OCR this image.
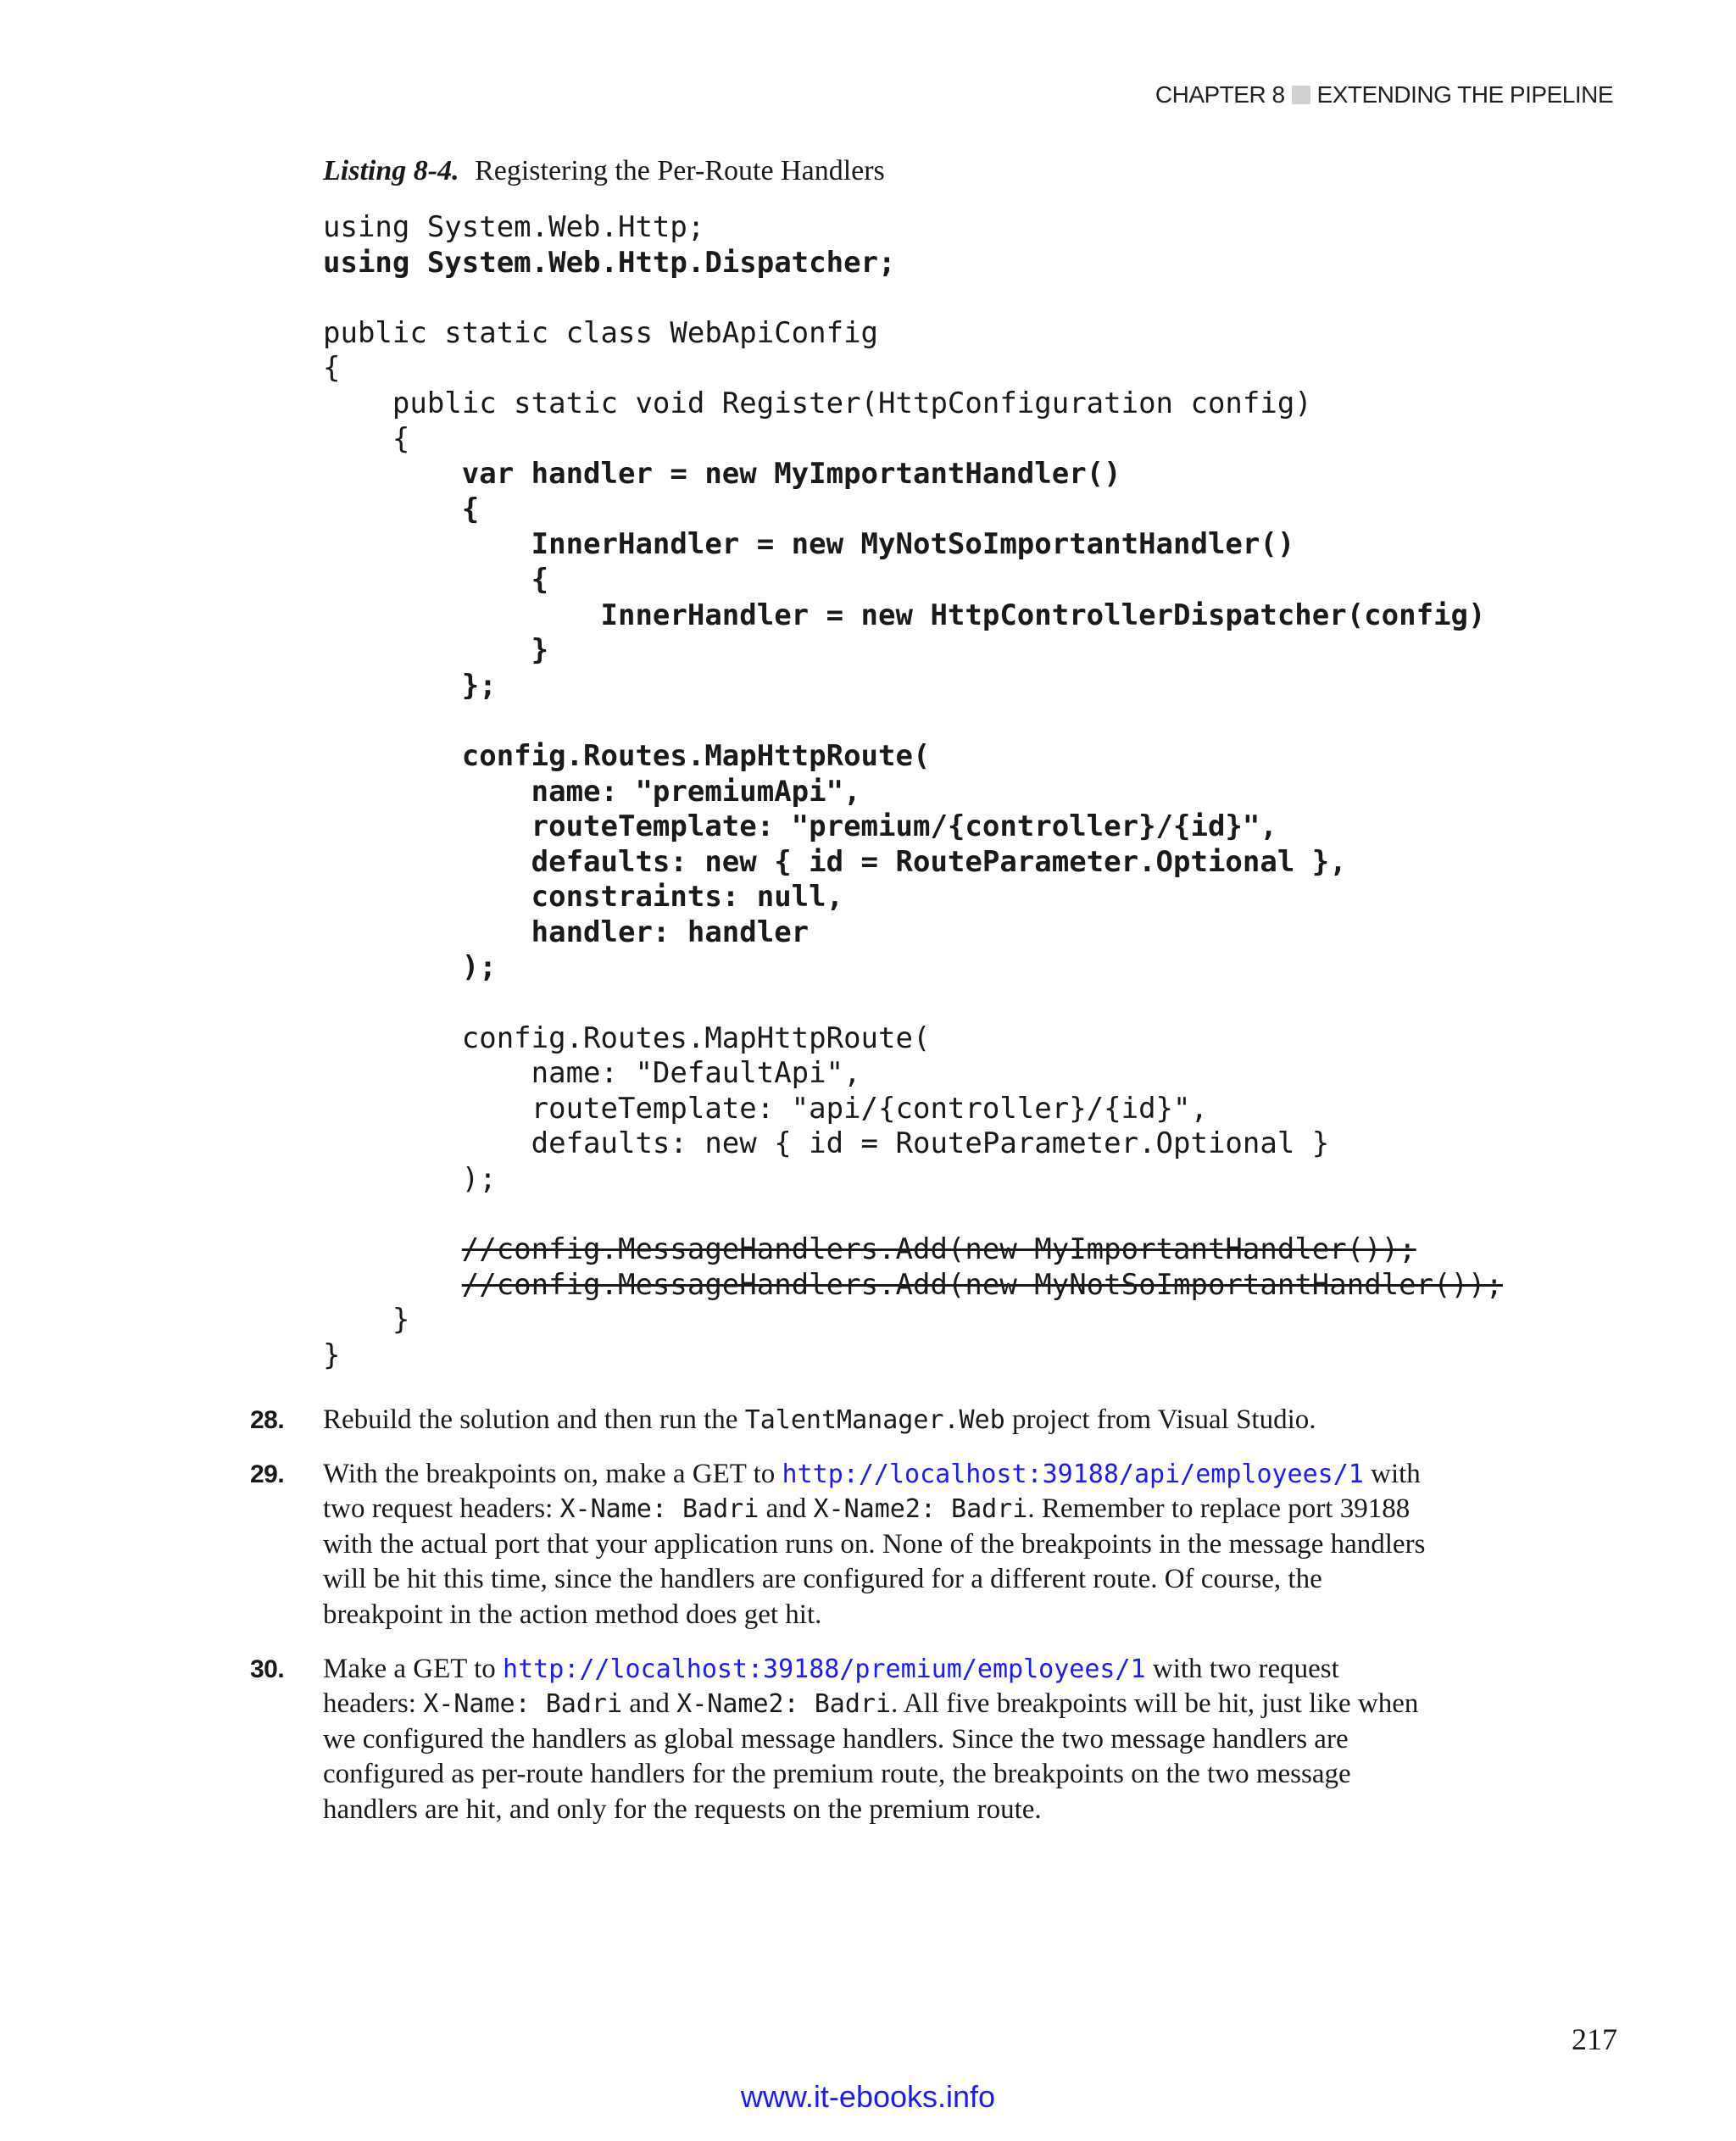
CHAPTER 8 EXTENDING THE PIPELINE
Listing 8-4. Registering the Per-Route Handlers
using System.Web.Http;
using System.Web.Http.Dispatcher;
public static class WebApiConfig
{
public static void Register(HttpConfiguration config)
{
var handler = new MyImportantHandler()
{
InnerHandler = new MyNotSoImportantHandler()
{
InnerHandler = new HttpControllerDispatcher(config)
}
};
config.Routes.MapHttpRoute(
name: "premiumApi",
routeTemplate: "premium/{controller}/{id}",
defaults: new { id = RouteParameter.Optional },
constraints: null,
handler: handler
);
config.Routes.MapHttpRoute(
name: "DefaultApi",
routeTemplate: "api/{controller}/{id}",
defaults: new { id = RouteParameter.Optional }
);
//config.MessageHandlers.Add(new MyImportantHandler());
//config.MessageHandlers.Add(new MyNotSoImportantHandler());
}
}
28.	Rebuild the solution and then run the TalentManager.Web project from Visual Studio.
29.	With the breakpoints on, make a GET to http://localhost:39188/api/employees/1 with two request headers: X-Name: Badri and X-Name2: Badri. Remember to replace port 39188 with the actual port that your application runs on. None of the breakpoints in the message handlers will be hit this time, since the handlers are configured for a different route. Of course, the breakpoint in the action method does get hit.
30.	Make a GET to http://localhost:39188/premium/employees/1 with two request headers: X-Name: Badri and X-Name2: Badri. All five breakpoints will be hit, just like when we configured the handlers as global message handlers. Since the two message handlers are configured as per-route handlers for the premium route, the breakpoints on the two message handlers are hit, and only for the requests on the premium route.
217
www.it-ebooks.info
